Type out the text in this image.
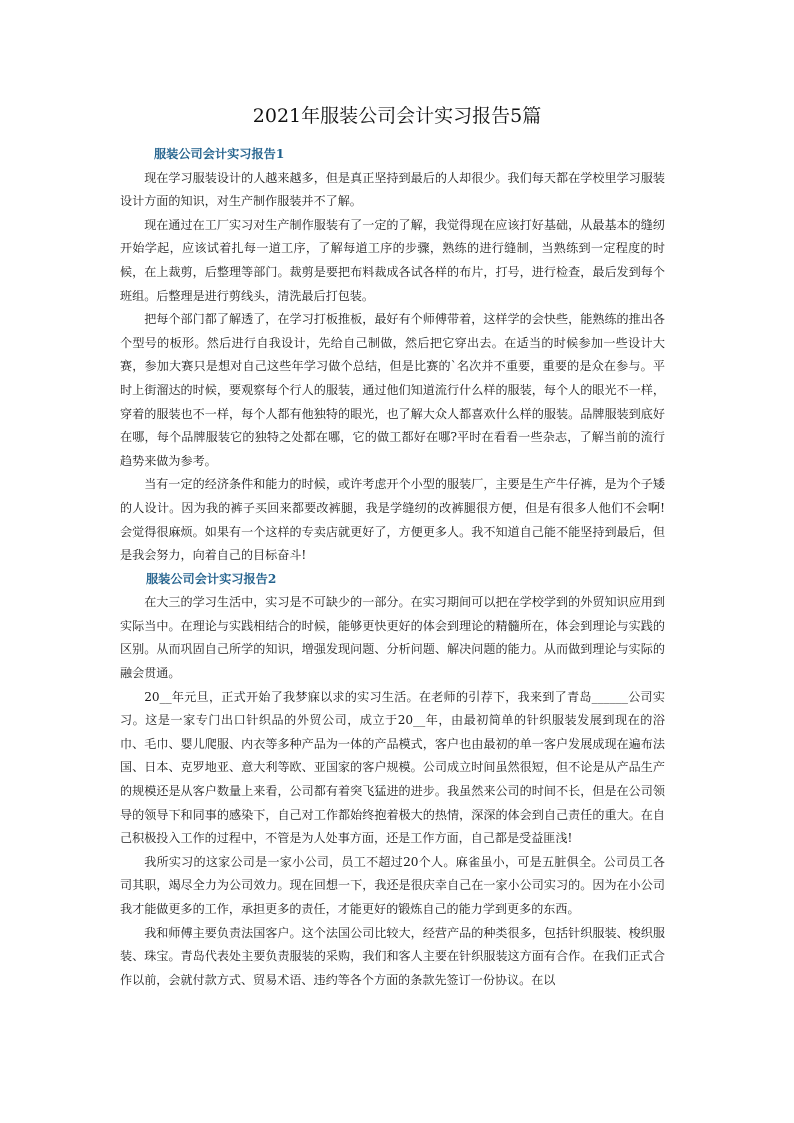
2021年服装公司会计实习报告5篇

服装公司会计实习报告1

现在学习服装设计的人越来越多，但是真正坚持到最后的人却很少。我们每天都在学校里学习服装设计方面的知识，对生产制作服装并不了解。

现在通过在工厂实习对生产制作服装有了一定的了解，我觉得现在应该打好基础，从最基本的缝纫开始学起，应该试着扎每一道工序，了解每道工序的步骤，熟练的进行缝制，当熟练到一定程度的时候，在上裁剪，后整理等部门。裁剪是要把布料裁成各试各样的布片，打号，进行检查，最后发到每个班组。后整理是进行剪线头，清洗最后打包装。

把每个部门都了解透了，在学习打板推板，最好有个师傅带着，这样学的会快些，能熟练的推出各个型号的板形。然后进行自我设计，先给自己制做，然后把它穿出去。在适当的时候参加一些设计大赛，参加大赛只是想对自己这些年学习做个总结，但是比赛的`名次并不重要，重要的是众在参与。平时上街溜达的时候，要观察每个行人的服装，通过他们知道流行什么样的服装，每个人的眼光不一样，穿着的服装也不一样，每个人都有他独特的眼光，也了解大众人都喜欢什么样的服装。品牌服装到底好在哪，每个品牌服装它的独特之处都在哪，它的做工都好在哪?平时在看看一些杂志，了解当前的流行趋势来做为参考。

当有一定的经济条件和能力的时候，或许考虑开个小型的服装厂，主要是生产牛仔裤，是为个子矮的人设计。因为我的裤子买回来都要改裤腿，我是学缝纫的改裤腿很方便，但是有很多人他们不会啊!会觉得很麻烦。如果有一个这样的专卖店就更好了，方便更多人。我不知道自己能不能坚持到最后，但是我会努力，向着自己的目标奋斗!

服装公司会计实习报告2

在大三的学习生活中，实习是不可缺少的一部分。在实习期间可以把在学校学到的外贸知识应用到实际当中。在理论与实践相结合的时候，能够更快更好的体会到理论的精髓所在，体会到理论与实践的区别。从而巩固自己所学的知识，增强发现问题、分析问题、解决问题的能力。从而做到理论与实际的融会贯通。

20__年元旦，正式开始了我梦寐以求的实习生活。在老师的引荐下，我来到了青岛______公司实习。这是一家专门出口针织品的外贸公司，成立于20__年，由最初简单的针织服装发展到现在的浴巾、毛巾、婴儿爬服、内衣等多种产品为一体的产品模式，客户也由最初的单一客户发展成现在遍布法国、日本、克罗地亚、意大利等欧、亚国家的客户规模。公司成立时间虽然很短，但不论是从产品生产的规模还是从客户数量上来看，公司都有着突飞猛进的进步。我虽然来公司的时间不长，但是在公司领导的领导下和同事的感染下，自己对工作都始终抱着极大的热情，深深的体会到自己责任的重大。在自己积极投入工作的过程中，不管是为人处事方面，还是工作方面，自己都是受益匪浅!

我所实习的这家公司是一家小公司，员工不超过20个人。麻雀虽小，可是五脏俱全。公司员工各司其职，竭尽全力为公司效力。现在回想一下，我还是很庆幸自己在一家小公司实习的。因为在小公司我才能做更多的工作，承担更多的责任，才能更好的锻炼自己的能力学到更多的东西。

我和师傅主要负责法国客户。这个法国公司比较大，经营产品的种类很多，包括针织服装、梭织服装、珠宝。青岛代表处主要负责服装的采购，我们和客人主要在针织服装这方面有合作。在我们正式合作以前，会就付款方式、贸易术语、违约等各个方面的条款先签订一份协议。在以
